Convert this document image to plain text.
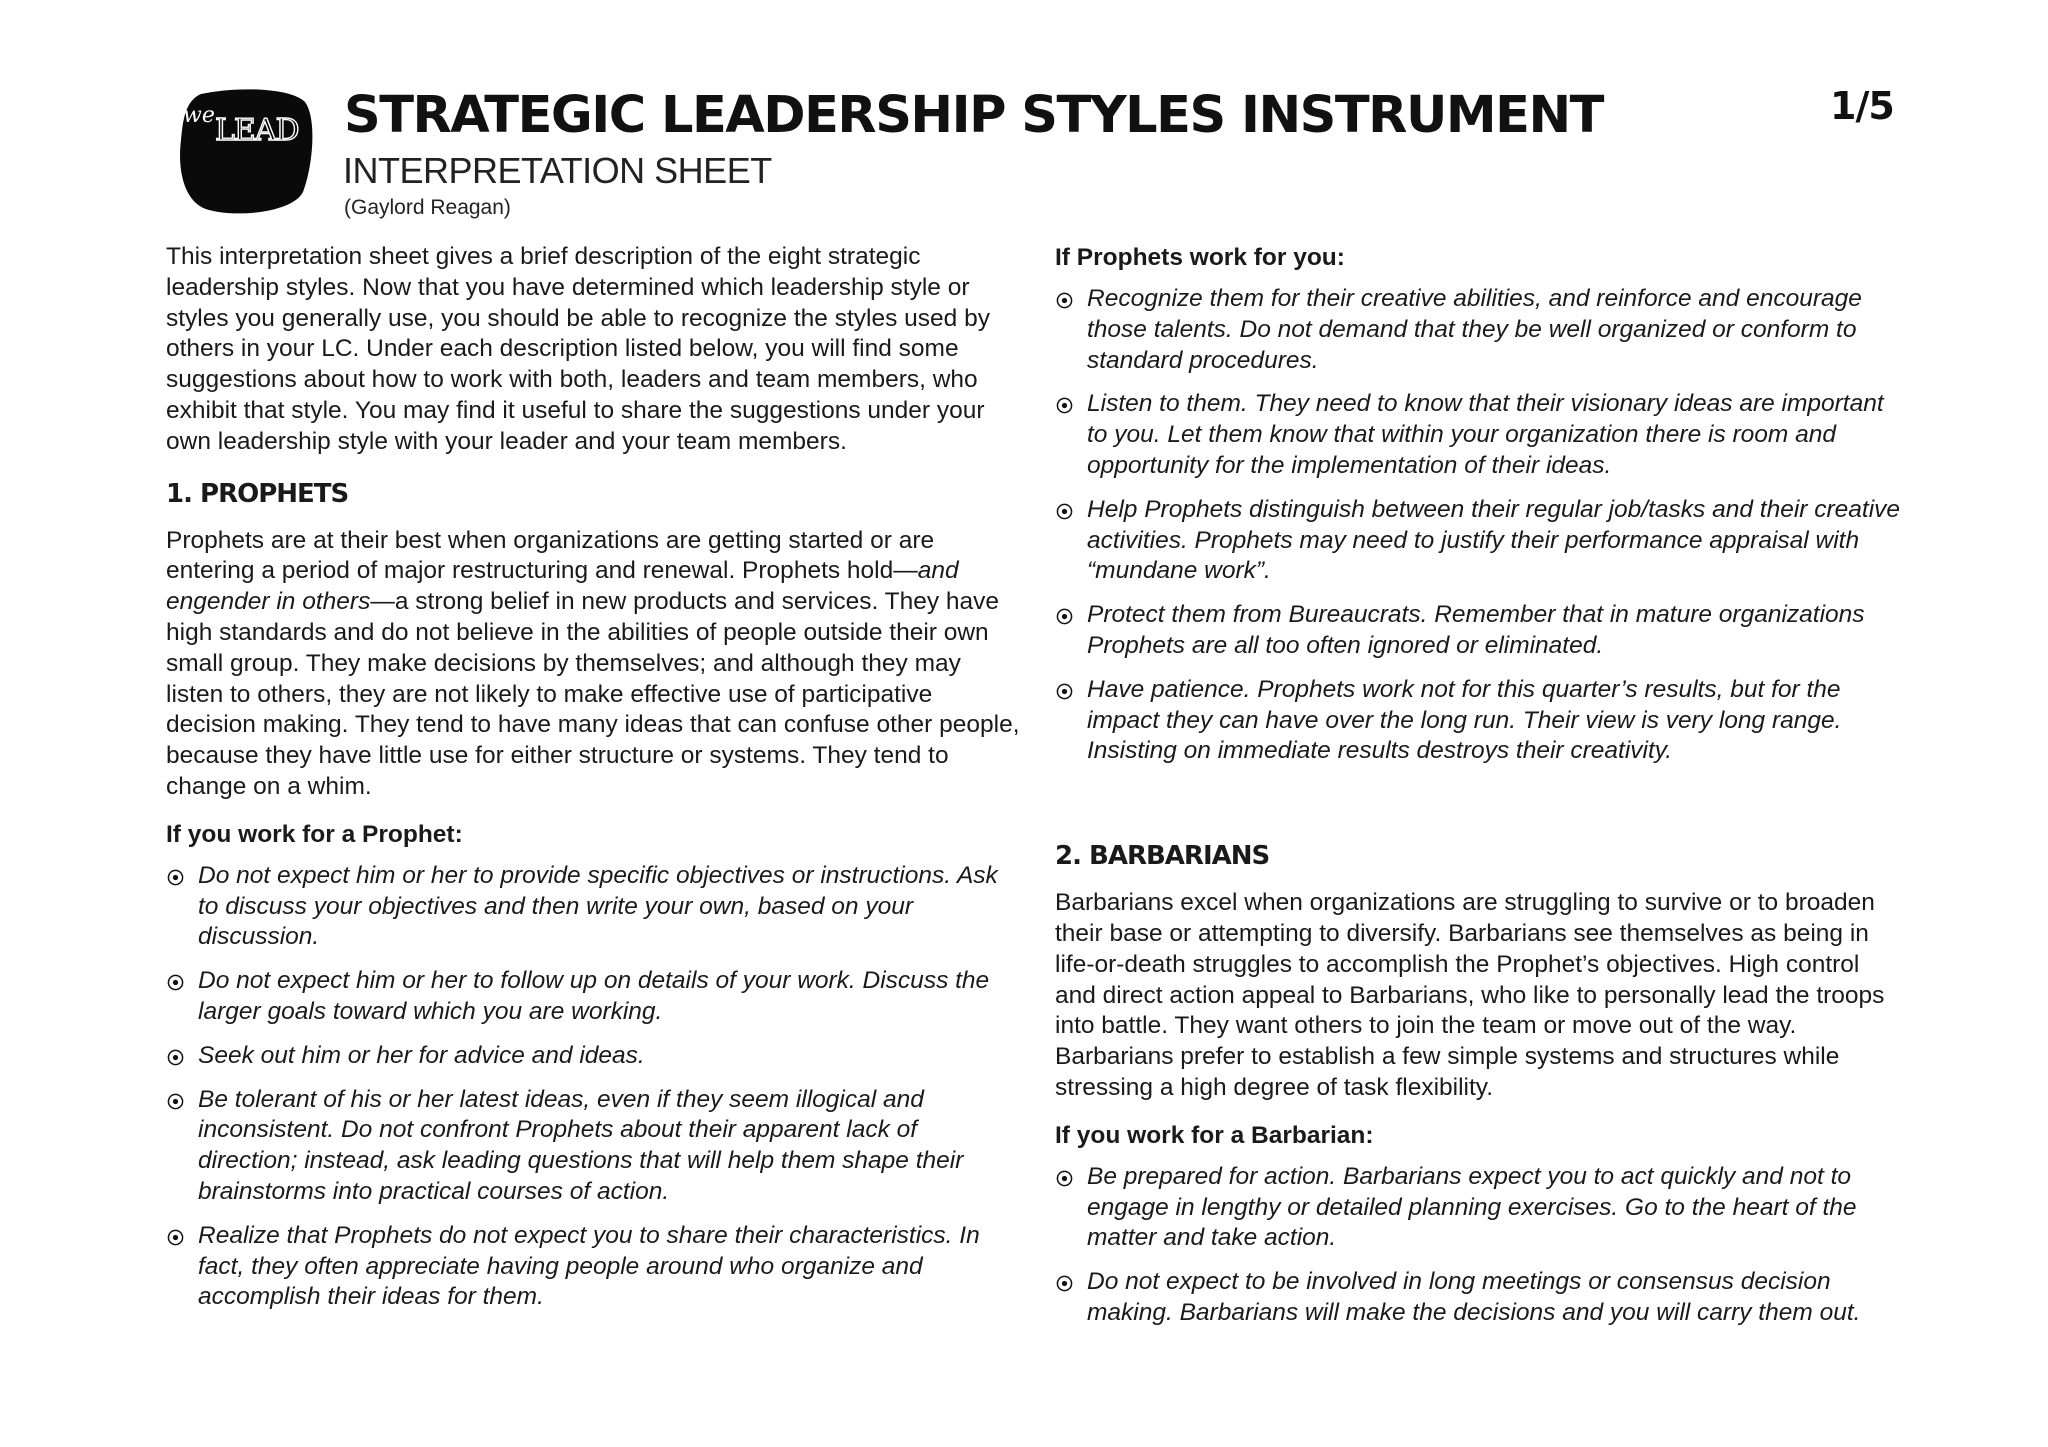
we LEAD STRATEGIC LEADERSHIP STYLES INSTRUMENT
INTERPRETATION SHEET
(Gaylord Reagan)
1/5

This interpretation sheet gives a brief description of the eight strategic leadership styles. Now that you have determined which leadership style or styles you generally use, you should be able to recognize the styles used by others in your LC. Under each description listed below, you will find some suggestions about how to work with both, leaders and team members, who exhibit that style. You may find it useful to share the suggestions under your own leadership style with your leader and your team members.

1. PROPHETS

Prophets are at their best when organizations are getting started or are entering a period of major restructuring and renewal. Prophets hold—and engender in others—a strong belief in new products and services. They have high standards and do not believe in the abilities of people outside their own small group. They make decisions by themselves; and although they may listen to others, they are not likely to make effective use of participative decision making. They tend to have many ideas that can confuse other people, because they have little use for either structure or systems. They tend to change on a whim.

If you work for a Prophet:
Do not expect him or her to provide specific objectives or instructions. Ask to discuss your objectives and then write your own, based on your discussion.
Do not expect him or her to follow up on details of your work. Discuss the larger goals toward which you are working.
Seek out him or her for advice and ideas.
Be tolerant of his or her latest ideas, even if they seem illogical and inconsistent. Do not confront Prophets about their apparent lack of direction; instead, ask leading questions that will help them shape their brainstorms into practical courses of action.
Realize that Prophets do not expect you to share their characteristics. In fact, they often appreciate having people around who organize and accomplish their ideas for them.
If Prophets work for you:
Recognize them for their creative abilities, and reinforce and encourage those talents. Do not demand that they be well organized or conform to standard procedures.
Listen to them. They need to know that their visionary ideas are important to you. Let them know that within your organization there is room and opportunity for the implementation of their ideas.
Help Prophets distinguish between their regular job/tasks and their creative activities. Prophets may need to justify their performance appraisal with “mundane work”.
Protect them from Bureaucrats. Remember that in mature organizations Prophets are all too often ignored or eliminated.
Have patience. Prophets work not for this quarter’s results, but for the impact they can have over the long run. Their view is very long range. Insisting on immediate results destroys their creativity.
2. BARBARIANS

Barbarians excel when organizations are struggling to survive or to broaden their base or attempting to diversify. Barbarians see themselves as being in life-or-death struggles to accomplish the Prophet’s objectives. High control and direct action appeal to Barbarians, who like to personally lead the troops into battle. They want others to join the team or move out of the way. Barbarians prefer to establish a few simple systems and structures while stressing a high degree of task flexibility.

If you work for a Barbarian:
Be prepared for action. Barbarians expect you to act quickly and not to engage in lengthy or detailed planning exercises. Go to the heart of the matter and take action.
Do not expect to be involved in long meetings or consensus decision making. Barbarians will make the decisions and you will carry them out.
